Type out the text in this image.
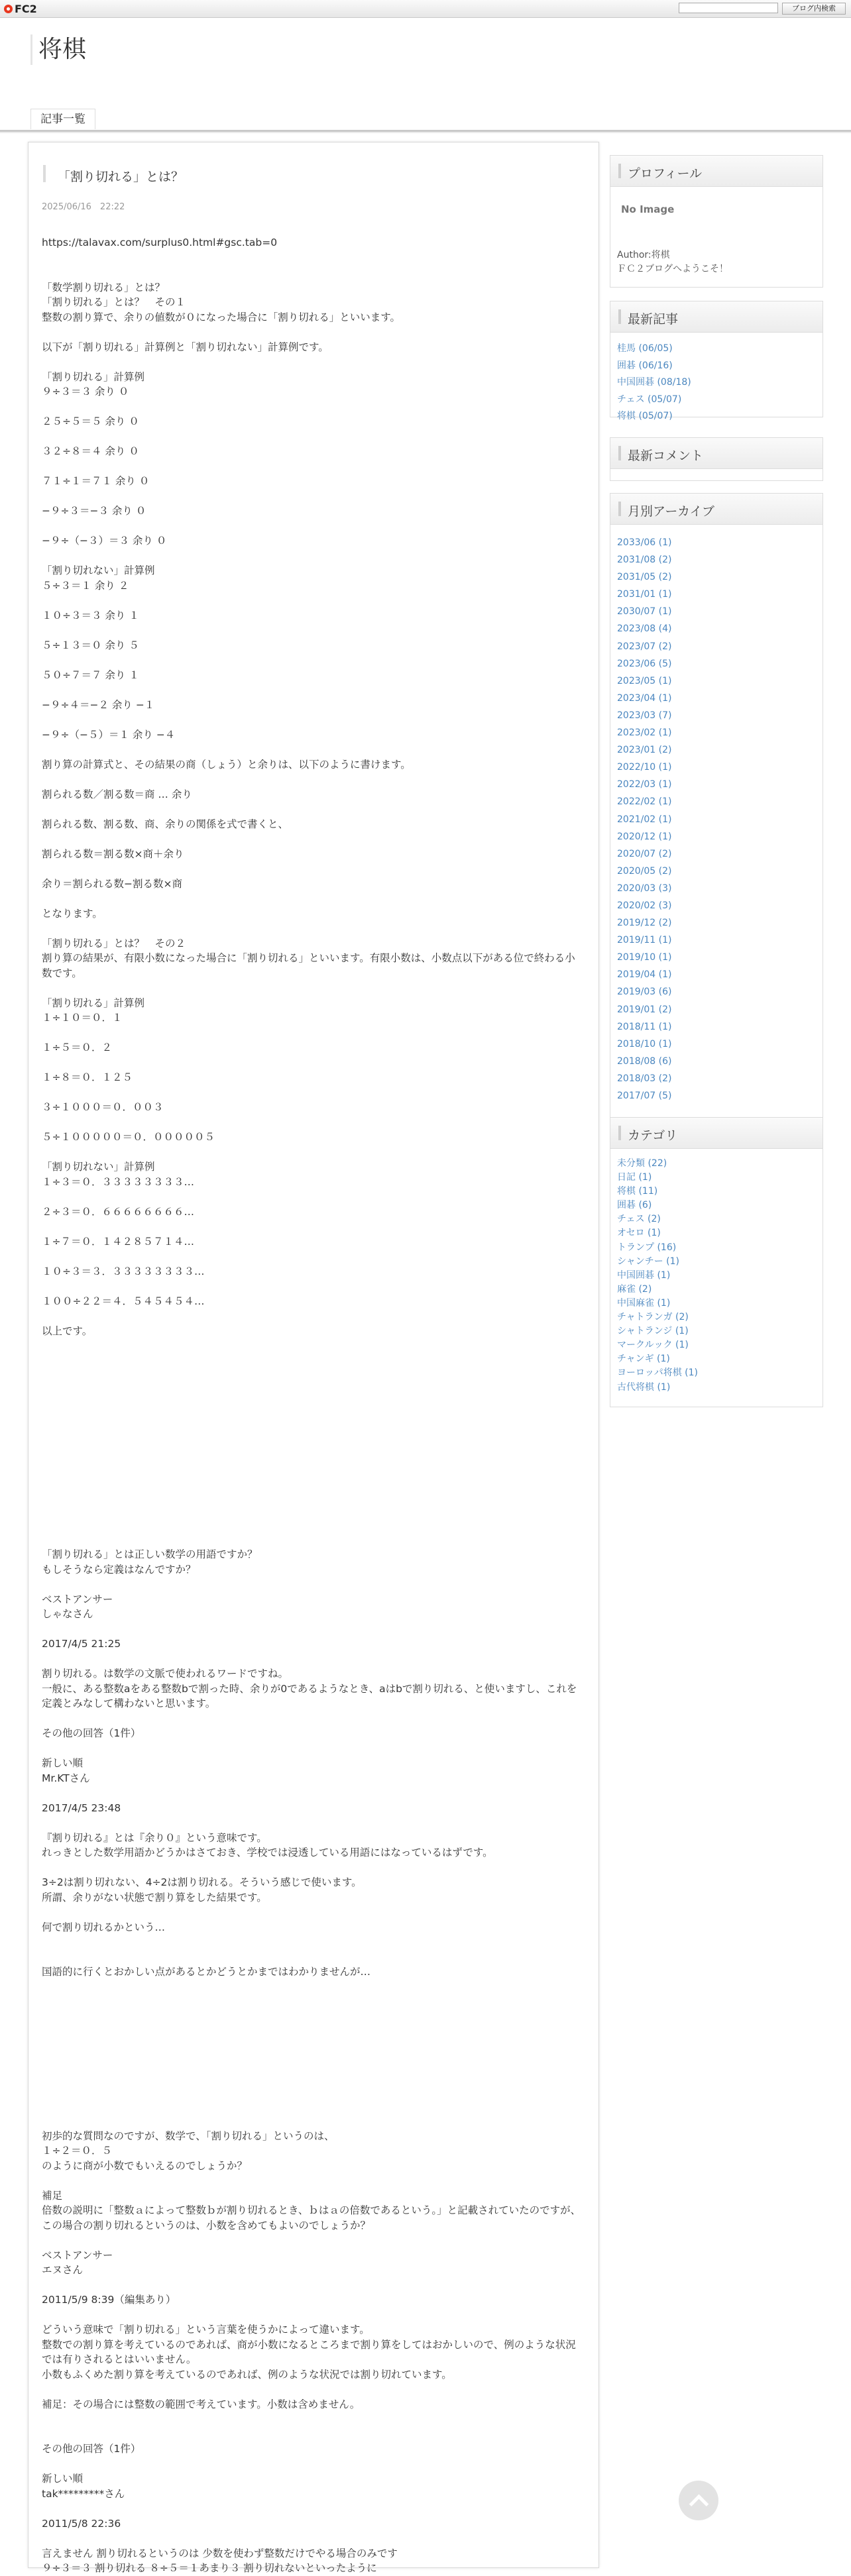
FC2	ブログ内検索
将棋
記事一覧
「割り切れる」とは？
2025/06/16　22:22
https://talavax.com/surplus0.html#gsc.tab=0

「数学割り切れる」とは？
「割り切れる」とは？　その１
整数の割り算で、余りの値数が０になった場合に「割り切れる」といいます。

以下が「割り切れる」計算例と「割り切れない」計算例です。

「割り切れる」計算例
９÷３＝３ 余り ０

２５÷５＝５ 余り ０

３２÷８＝４ 余り ０

７１÷１＝７１ 余り ０

−９÷３＝−３ 余り ０

−９÷（−３）＝３ 余り ０

「割り切れない」計算例
５÷３＝１ 余り ２

１０÷３＝３ 余り １

５÷１３＝０ 余り ５

５０÷７＝７ 余り １

−９÷４＝−２ 余り −１

−９÷（−５）＝１ 余り −４

割り算の計算式と、その結果の商（しょう）と余りは、以下のように書けます。

割られる数／割る数＝商 … 余り

割られる数、割る数、商、余りの関係を式で書くと、

割られる数＝割る数×商＋余り

余り＝割られる数−割る数×商

となります。

「割り切れる」とは？　その２
割り算の結果が、有限小数になった場合に「割り切れる」といいます。有限小数は、小数点以下がある位で終わる小数です。

「割り切れる」計算例
１÷１０＝０．１

１÷５＝０．２

１÷８＝０．１２５

３÷１０００＝０．００３

５÷１０００００＝０．０００００５

「割り切れない」計算例
１÷３＝０．３３３３３３３３…

２÷３＝０．６６６６６６６６…

１÷７＝０．１４２８５７１４…

１０÷３＝３．３３３３３３３３…

１００÷２２＝４．５４５４５４…

以上です。

「割り切れる」とは正しい数学の用語ですか？
もしそうなら定義はなんですか？

ベストアンサー
しゃなさん

2017/4/5 21:25

割り切れる。は数学の文脈で使われるワードですね。
一般に、ある整数aをある整数bで割った時、余りが0であるようなとき、aはbで割り切れる、と使いますし、これを定義とみなして構わないと思います。

その他の回答（1件）

新しい順
Mr.KTさん

2017/4/5 23:48

『割り切れる』とは『余り０』という意味です。
れっきとした数学用語かどうかはさておき、学校では浸透している用語にはなっているはずです。

3÷2は割り切れない、4÷2は割り切れる。そういう感じで使います。
所謂、余りがない状態で割り算をした結果です。

何で割り切れるかという…

国語的に行くとおかしい点があるとかどうとかまではわかりませんが…

初歩的な質問なのですが、数学で、「割り切れる」というのは、
１÷２＝０．５
のように商が小数でもいえるのでしょうか？

補足
倍数の説明に「整数ａによって整数ｂが割り切れるとき、ｂはａの倍数であるという。」と記載されていたのですが、この場合の割り切れるというのは、小数を含めてもよいのでしょうか？

ベストアンサー
エヌさん

2011/5/9 8:39（編集あり）

どういう意味で「割り切れる」という言葉を使うかによって違います。
整数での割り算を考えているのであれば、商が小数になるところまで割り算をしてはおかしいので、例のような状況では有りされるとはいいません。
小数もふくめた割り算を考えているのであれば、例のような状況では割り切れています。

補足：その場合には整数の範囲で考えています。小数は含めません。

その他の回答（1件）

新しい順
tak*********さん

2011/5/8 22:36

言えません 割り切れるというのは 少数を使わず整数だけでやる場合のみです
９÷３＝３ 割り切れる ８÷５＝１あまり３ 割り切れないといったように
プロフィール
No Image
Author:将棋
ＦＣ２ブログへようこそ！
最新記事
桂馬 (06/05)
囲碁 (06/16)
中国囲碁 (08/18)
チェス (05/07)
将棋 (05/07)
最新コメント
月別アーカイブ
2033/06 (1)
2031/08 (2)
2031/05 (2)
2031/01 (1)
2030/07 (1)
2023/08 (4)
2023/07 (2)
2023/06 (5)
2023/05 (1)
2023/04 (1)
2023/03 (7)
2023/02 (1)
2023/01 (2)
2022/10 (1)
2022/03 (1)
2022/02 (1)
2021/02 (1)
2020/12 (1)
2020/07 (2)
2020/05 (2)
2020/03 (3)
2020/02 (3)
2019/12 (2)
2019/11 (1)
2019/10 (1)
2019/04 (1)
2019/03 (6)
2019/01 (2)
2018/11 (1)
2018/10 (1)
2018/08 (6)
2018/03 (2)
2017/07 (5)
カテゴリ
未分類 (22)
日記 (1)
将棋 (11)
囲碁 (6)
チェス (2)
オセロ (1)
トランプ (16)
シャンチー (1)
中国囲碁 (1)
麻雀 (2)
中国麻雀 (1)
チャトランガ (2)
シャトランジ (1)
マークルック (1)
チャンギ (1)
ヨーロッパ将棋 (1)
古代将棋 (1)
